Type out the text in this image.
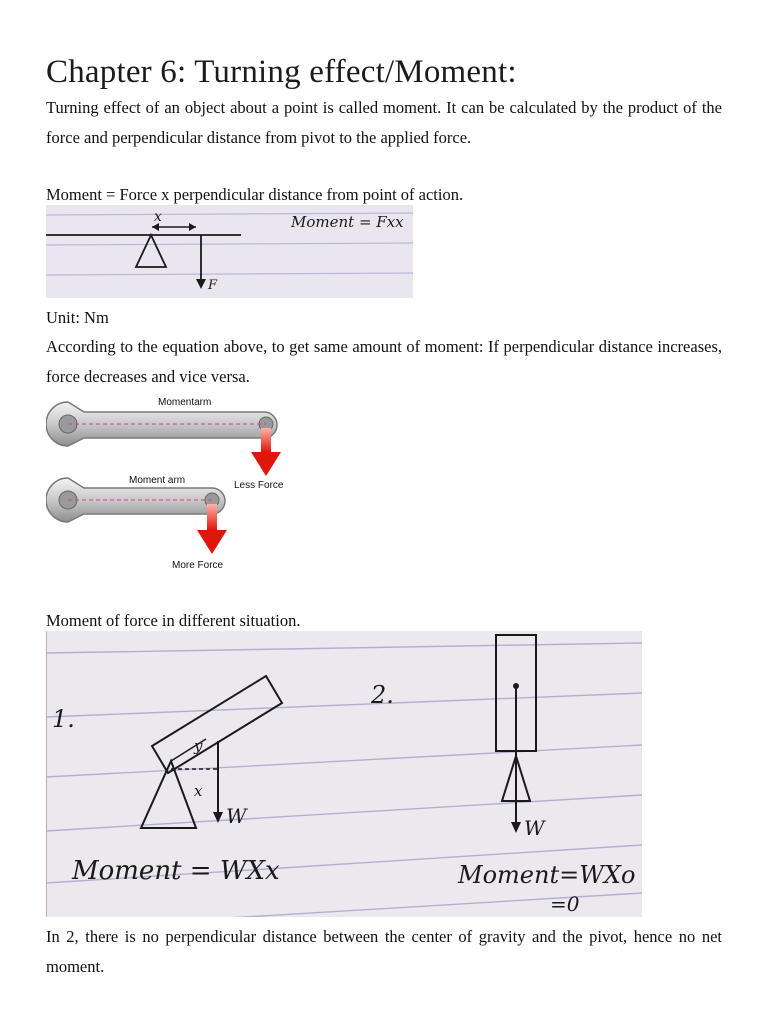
Chapter 6: Turning effect/Moment:
Turning effect of an object about a point is called moment. It can be calculated by the product of the force and perpendicular distance from pivot to the applied force.
Moment = Force x perpendicular distance from point of action.
x
F
Moment = Fxx
Unit: Nm
According to the equation above, to get same amount of moment: If perpendicular distance increases, force decreases and vice versa.
Momentarm
Less Force
Moment arm
More Force
Moment of force in different situation.
1.
y
x
W
Moment = WXx
2.
W
Moment=WXo
=0
In 2, there is no perpendicular distance between the center of gravity and the pivot, hence no net moment.
